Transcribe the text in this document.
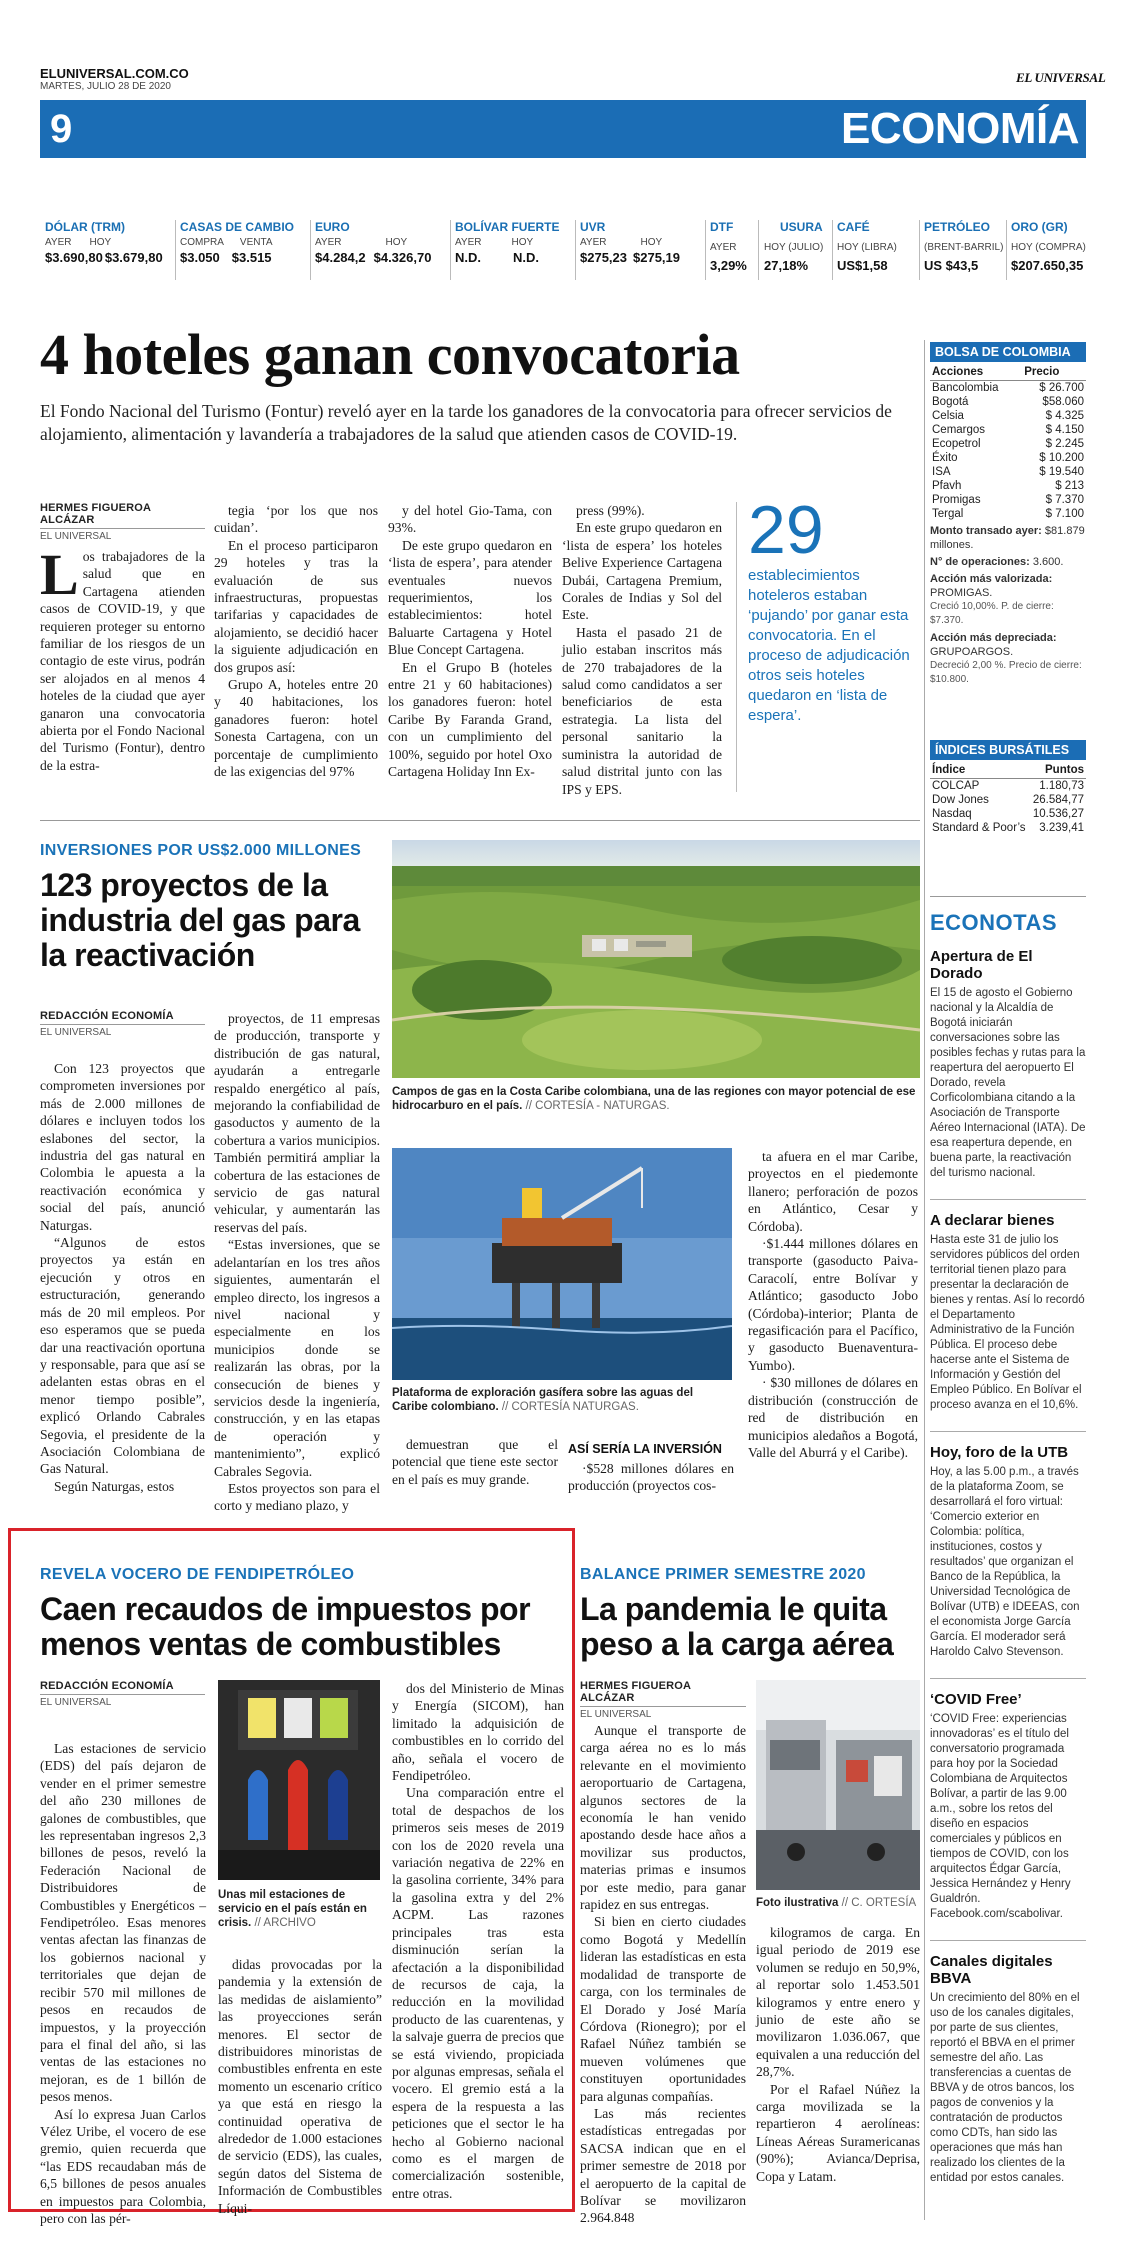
ELUNIVERSAL.COM.CO
MARTES, JULIO 28 DE 2020
EL UNIVERSAL
9	ECONOMÍA
DÓLAR (TRM)
AYER HOY
$3.690,80 $3.679,80
CASAS DE CAMBIO
COMPRA VENTA
$3.050 $3.515
EURO
AYER	HOY
$4.284,2 $4.326,70
BOLÍVAR FUERTE
AYER	HOY
N.D. N.D.
UVR
AYER	HOY
$275,23 $275,19
DTF
AYER
3,29%
USURA
HOY (JULIO)
27,18%
CAFÉ
HOY (LIBRA)
US$1,58
PETRÓLEO
(BRENT-BARRIL)
US $43,5
ORO (GR)
HOY (COMPRA)
$207.650,35
4 hoteles ganan convocatoria
El Fondo Nacional del Turismo (Fontur) reveló ayer en la tarde los ganadores de la convocatoria para ofrecer servicios de alojamiento, alimentación y lavandería a trabajadores de la salud que atienden casos de COVID-19.
HERMES FIGUEROA ALCÁZAR
EL UNIVERSAL
L os trabajadores de la salud que en Cartagena atienden casos de COVID-19, y que requieren proteger su entorno familiar de los riesgos de un contagio de este virus, podrán ser alojados en al menos 4 hoteles de la ciudad que ayer ganaron una convocatoria abierta por el Fondo Nacional del Turismo (Fontur), dentro de la estra-

tegia ‘por los que nos cuidan’.

En el proceso participaron 29 hoteles y tras la evaluación de sus infraestructuras, propuestas tarifarias y capacidades de alojamiento, se decidió hacer la siguiente adjudicación en dos grupos así:

Grupo A, hoteles entre 20 y 40 habitaciones, los ganadores fueron: hotel Sonesta Cartagena, con un porcentaje de cumplimiento de las exigencias del 97%

y del hotel Gio-Tama, con 93%.

De este grupo quedaron en ‘lista de espera’, para atender eventuales nuevos requerimientos, los establecimientos: hotel Baluarte Cartagena y Hotel Blue Concept Cartagena.

En el Grupo B (hoteles entre 21 y 60 habitaciones) los ganadores fueron: hotel Caribe By Faranda Grand, con un cumplimiento del 100%, seguido por hotel Oxo Cartagena Holiday Inn Ex-

press (99%).

En este grupo quedaron en ‘lista de espera’ los hoteles Belive Experience Cartagena Dubái, Cartagena Premium, Corales de Indias y Sol del Este.

Hasta el pasado 21 de julio estaban inscritos más de 270 trabajadores de la salud como candidatos a ser beneficiarios de esta estrategia. La lista del personal sanitario la suministra la autoridad de salud distrital junto con las IPS y EPS.

29
establecimientos hoteleros estaban ‘pujando’ por ganar esta convocatoria. En el proceso de adjudicación otros seis hoteles quedaron en ‘lista de espera’.
INVERSIONES POR US$2.000 MILLONES
123 proyectos de la industria del gas para la reactivación
REDACCIÓN ECONOMÍA
EL UNIVERSAL

Con 123 proyectos que comprometen inversiones por más de 2.000 millones de dólares e incluyen todos los eslabones del sector, la industria del gas natural en Colombia le apuesta a la reactivación económica y social del país, anunció Naturgas.

“Algunos de estos proyectos ya están en ejecución y otros en estructuración, generando más de 20 mil empleos. Por eso esperamos que se pueda dar una reactivación oportuna y responsable, para que así se adelanten estas obras en el menor tiempo posible”, explicó Orlando Cabrales Segovia, el presidente de la Asociación Colombiana de Gas Natural.

Según Naturgas, estos

proyectos, de 11 empresas de producción, transporte y distribución de gas natural, ayudarán a entregarle respaldo energético al país, mejorando la confiabilidad de gasoductos y aumento de la cobertura a varios municipios. También permitirá ampliar la cobertura de las estaciones de servicio de gas natural vehicular, y aumentarán las reservas del país.

“Estas inversiones, que se adelantarían en los tres años siguientes, aumentarán el empleo directo, los ingresos a nivel nacional y especialmente en los municipios donde se realizarán las obras, por la consecución de bienes y servicios desde la ingeniería, construcción, y en las etapas de operación y mantenimiento”, explicó Cabrales Segovia.

Estos proyectos son para el corto y mediano plazo, y

Campos de gas en la Costa Caribe colombiana, una de las regiones con mayor potencial de ese hidrocarburo en el país. // CORTESÍA - NATURGAS.
Plataforma de exploración gasífera sobre las aguas del Caribe colombiano. // CORTESÍA NATURGAS.

demuestran que el potencial que tiene este sector en el país es muy grande.

ASÍ SERÍA LA INVERSIÓN

·$528 millones dólares en producción (proyectos cos-

ta afuera en el mar Caribe, proyectos en el piedemonte llanero; perforación de pozos en Atlántico, Cesar y Córdoba).

·$1.444 millones dólares en transporte (gasoducto Paiva-Caracolí, entre Bolívar y Atlántico; gasoducto Jobo (Córdoba)-interior; Planta de regasificación para el Pacífico, y gasoducto Buenaventura-Yumbo).

· $30 millones de dólares en distribución (construcción de red de distribución en municipios aledaños a Bogotá, Valle del Aburrá y el Caribe).

REVELA VOCERO DE FENDIPETRÓLEO
Caen recaudos de impuestos por menos ventas de combustibles
REDACCIÓN ECONOMÍA
EL UNIVERSAL

Las estaciones de servicio (EDS) del país dejaron de vender en el primer semestre del año 230 millones de galones de combustibles, que les representaban ingresos 2,3 billones de pesos, reveló la Federación Nacional de Distribuidores de Combustibles y Energéticos – Fendipetróleo. Esas menores ventas afectan las finanzas de los gobiernos nacional y territoriales que dejan de recibir 570 mil millones de pesos en recaudos de impuestos, y la proyección para el final del año, si las ventas de las estaciones no mejoran, es de 1 billón de pesos menos.

Así lo expresa Juan Carlos Vélez Uribe, el vocero de ese gremio, quien recuerda que “las EDS recaudaban más de 6,5 billones de pesos anuales en impuestos para Colombia, pero con las pér-

Unas mil estaciones de servicio en el país están en crisis. // ARCHIVO

didas provocadas por la pandemia y la extensión de las medidas de aislamiento” las proyecciones serán menores. El sector de distribuidores minoristas de combustibles enfrenta en este momento un escenario crítico ya que está en riesgo la continuidad operativa de alrededor de 1.000 estaciones de servicio (EDS), las cuales, según datos del Sistema de Información de Combustibles Líqui-

dos del Ministerio de Minas y Energía (SICOM), han limitado la adquisición de combustibles en lo corrido del año, señala el vocero de Fendipetróleo.

Una comparación entre el total de despachos de los primeros seis meses de 2019 con los de 2020 revela una variación negativa de 22% en la gasolina corriente, 34% para la gasolina extra y del 2% ACPM. Las razones principales tras esta disminución serían la afectación a la disponibilidad de recursos de caja, la reducción en la movilidad producto de las cuarentenas, y la salvaje guerra de precios que se está viviendo, propiciada por algunas empresas, señala el vocero. El gremio está a la espera de la respuesta a las peticiones que el sector le ha hecho al Gobierno nacional como es el margen de comercialización sostenible, entre otras.

BALANCE PRIMER SEMESTRE 2020
La pandemia le quita peso a la carga aérea
HERMES FIGUEROA ALCÁZAR
EL UNIVERSAL

Aunque el transporte de carga aérea no es lo más relevante en el movimiento aeroportuario de Cartagena, algunos sectores de la economía le han venido apostando desde hace años a movilizar sus productos, materias primas e insumos por este medio, para ganar rapidez en sus entregas.

Si bien en cierto ciudades como Bogotá y Medellín lideran las estadísticas en esta modalidad de transporte de carga, con los terminales de El Dorado y José María Córdova (Rionegro); por el Rafael Núñez también se mueven volúmenes que constituyen oportunidades para algunas compañías.

Las más recientes estadísticas entregadas por SACSA indican que en el primer semestre de 2018 por el aeropuerto de la capital de Bolívar se movilizaron 2.964.848

Foto ilustrativa // C. ORTESÍA

kilogramos de carga. En igual periodo de 2019 ese volumen se redujo en 50,9%, al reportar solo 1.453.501 kilogramos y entre enero y junio de este año se movilizaron 1.036.067, que equivalen a una reducción del 28,7%.

Por el Rafael Núñez la carga movilizada se la repartieron 4 aerolíneas: Líneas Aéreas Suramericanas (90%); Avianca/Deprisa, Copa y Latam.

BOLSA DE COLOMBIA
Acciones	Precio
Bancolombia	$ 26.700
Bogotá	$58.060
Celsia	$ 4.325
Cemargos	$ 4.150
Ecopetrol	$ 2.245
Éxito	$ 10.200
ISA	$ 19.540
Pfavh	$ 213
Promigas	$ 7.370
Tergal	$ 7.100
Monto transado ayer: $81.879 millones.
N° de operaciones: 3.600.
Acción más valorizada: PROMIGAS.
Creció 10,00%. P. de cierre: $7.370.
Acción más depreciada: GRUPOARGOS.
Decreció 2,00 %. Precio de cierre: $10.800.
ÍNDICES BURSÁTILES
Índice	Puntos
COLCAP	1.180,73
Dow Jones	26.584,77
Nasdaq	10.536,27
Standard & Poor’s	3.239,41
ECONOTAS
Apertura de El Dorado
El 15 de agosto el Gobierno nacional y la Alcaldía de Bogotá iniciarán conversaciones sobre las posibles fechas y rutas para la reapertura del aeropuerto El Dorado, revela Corficolombiana citando a la Asociación de Transporte Aéreo Internacional (IATA). De esa reapertura depende, en buena parte, la reactivación del turismo nacional.
A declarar bienes
Hasta este 31 de julio los servidores públicos del orden territorial tienen plazo para presentar la declaración de bienes y rentas. Así lo recordó el Departamento Administrativo de la Función Pública. El proceso debe hacerse ante el Sistema de Información y Gestión del Empleo Público. En Bolívar el proceso avanza en el 10,6%.
Hoy, foro de la UTB
Hoy, a las 5.00 p.m., a través de la plataforma Zoom, se desarrollará el foro virtual: ‘Comercio exterior en Colombia: política, instituciones, costos y resultados’ que organizan el Banco de la República, la Universidad Tecnológica de Bolívar (UTB) e IDEEAS, con el economista Jorge García García. El moderador será Haroldo Calvo Stevenson.
‘COVID Free’
‘COVID Free: experiencias innovadoras’ es el título del conversatorio programada para hoy por la Sociedad Colombiana de Arquitectos Bolívar, a partir de las 9.00 a.m., sobre los retos del diseño en espacios comerciales y públicos en tiempos de COVID, con los arquitectos Édgar García, Jessica Hernández y Henry Gualdrón. Facebook.com/scabolivar.
Canales digitales BBVA
Un crecimiento del 80% en el uso de los canales digitales, por parte de sus clientes, reportó el BBVA en el primer semestre del año. Las transferencias a cuentas de BBVA y de otros bancos, los pagos de convenios y la contratación de productos como CDTs, han sido las operaciones que más han realizado los clientes de la entidad por estos canales.
